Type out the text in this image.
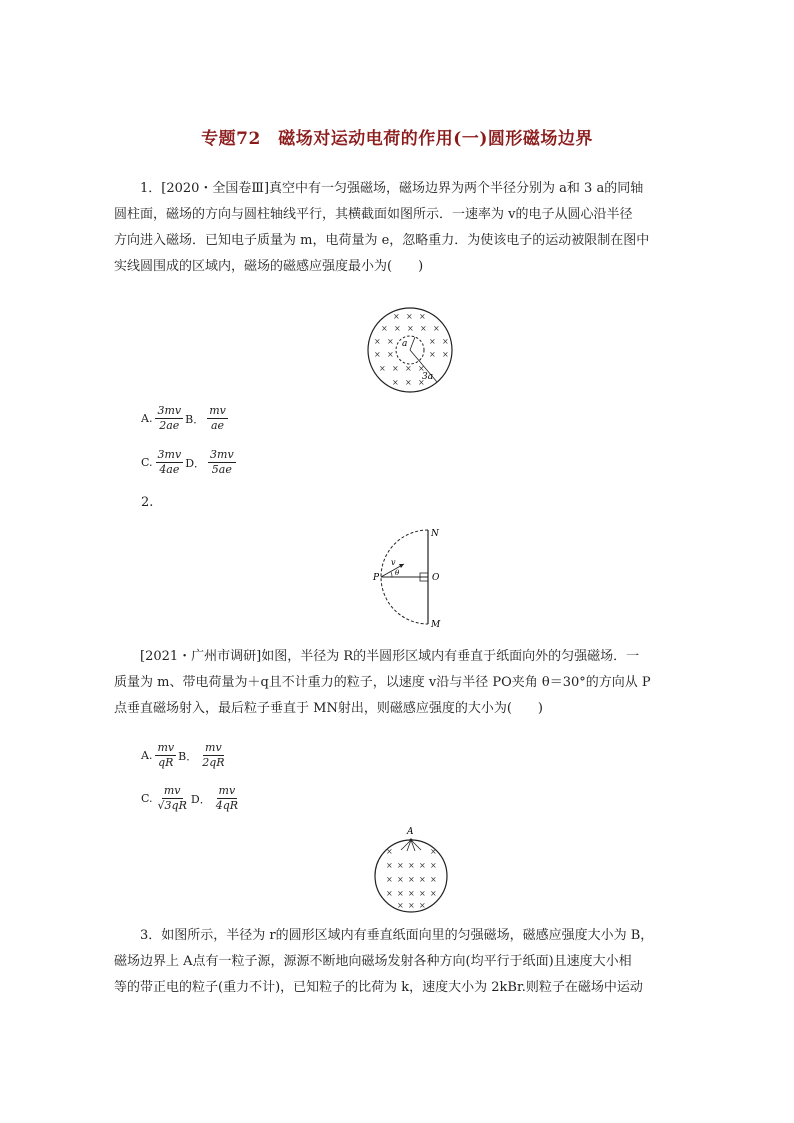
专题72　磁场对运动电荷的作用(一)圆形磁场边界
1．[2020・全国卷Ⅲ]真空中有一匀强磁场，磁场边界为两个半径分别为 a和 3 a的同轴
圆柱面，磁场的方向与圆柱轴线平行，其横截面如图所示．一速率为 v的电子从圆心沿半径
方向进入磁场．已知电子质量为 m，电荷量为 e，忽略重力．为使该电子的运动被限制在图中
实线圆围成的区域内，磁场的磁感应强度最小为(　　)
a
3a
× × ×
× × × × ×
× ×	× ×
× ×	× ×
× × × ×
× × ×
A. $\frac{3mv}{2ae}$ B． $\frac{mv}{ae}$
C. $\frac{3mv}{4ae}$ D． $\frac{3mv}{5ae}$
2.
N
O
P
M
v
θ
[2021・广州市调研]如图，半径为 R的半圆形区域内有垂直于纸面向外的匀强磁场．一
质量为 m、带电荷量为＋q且不计重力的粒子，以速度 v沿与半径 PO夹角 θ＝30°的方向从 P
点垂直磁场射入，最后粒子垂直于 MN射出，则磁感应强度的大小为(　　)
A. $\frac{mv}{qR}$ B． $\frac{mv}{2qR}$
C. $\frac{mv}{√3qR}$ D． $\frac{mv}{4qR}$
A
×	×
× × × × ×
× × × × ×
× × × × ×
× × ×
3．如图所示，半径为 r的圆形区域内有垂直纸面向里的匀强磁场，磁感应强度大小为 B，
磁场边界上 A点有一粒子源，源源不断地向磁场发射各种方向(均平行于纸面)且速度大小相
等的带正电的粒子(重力不计)，已知粒子的比荷为 k，速度大小为 2kBr.则粒子在磁场中运动
